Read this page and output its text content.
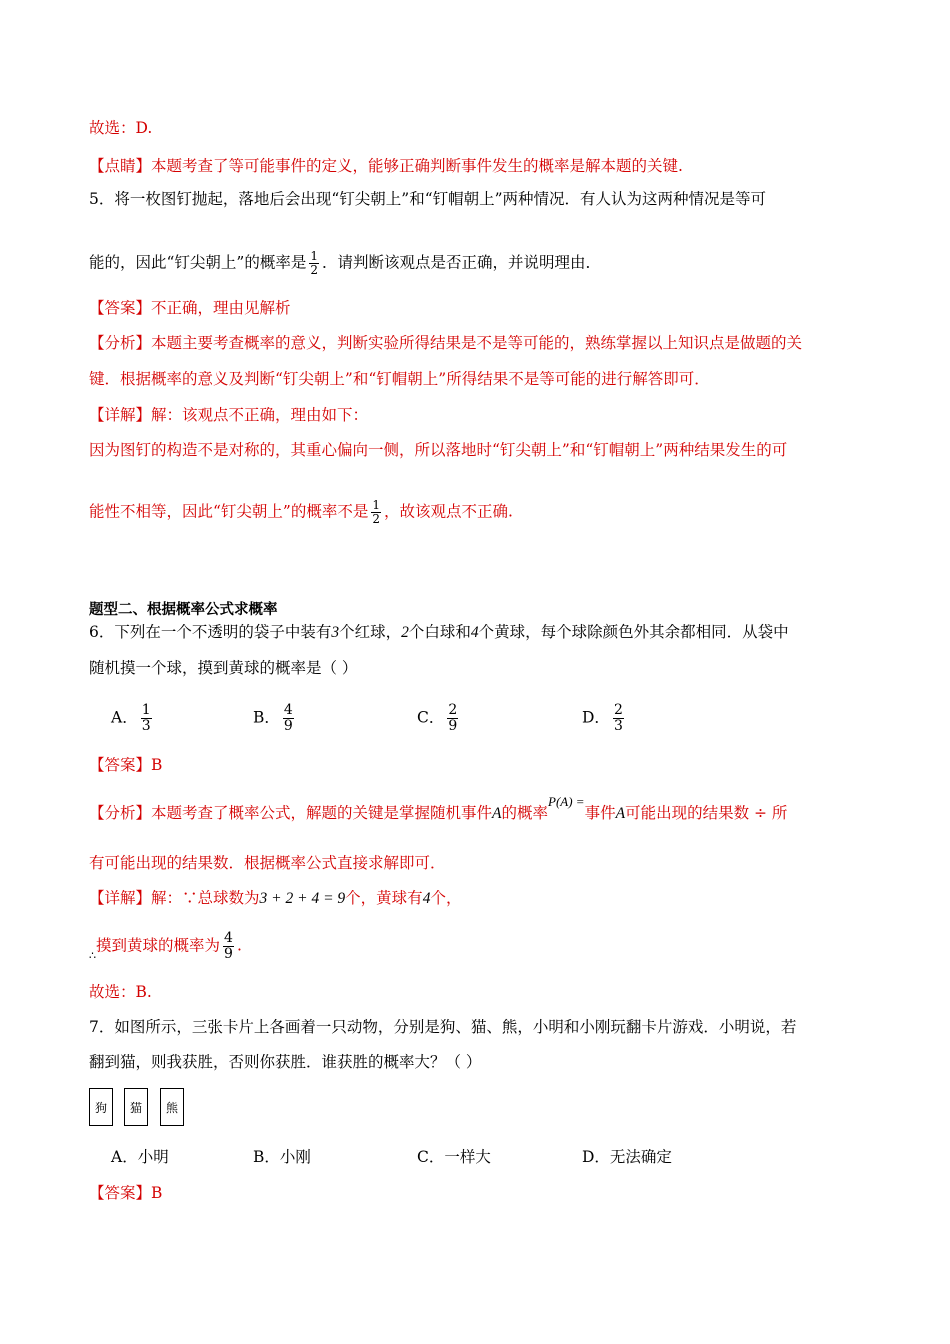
故选：D.
【点睛】本题考查了等可能事件的定义，能够正确判断事件发生的概率是解本题的关键.
5．将一枚图钉抛起，落地后会出现“钉尖朝上”和“钉帽朝上”两种情况．有人认为这两种情况是等可
能的，因此“钉尖朝上”的概率是 $\frac{1}{2}$ ．请判断该观点是否正确，并说明理由．
【答案】不正确，理由见解析
【分析】本题主要考查概率的意义，判断实验所得结果是不是等可能的，熟练掌握以上知识点是做题的关
键．根据概率的意义及判断“钉尖朝上”和“钉帽朝上”所得结果不是等可能的进行解答即可．
【详解】解：该观点不正确，理由如下：
因为图钉的构造不是对称的，其重心偏向一侧，所以落地时“钉尖朝上”和“钉帽朝上”两种结果发生的可
能性不相等，因此“钉尖朝上”的概率不是 $\frac{1}{2}$ ，故该观点不正确.
题型二、根据概率公式求概率
6．下列在一个不透明的袋子中装有3个红球，2个白球和4个黄球，每个球除颜色外其余都相同．从袋中
随机摸一个球，摸到黄球的概率是（ ）
A． $\frac{1}{3}$	B． $\frac{4}{9}$	C． $\frac{2}{9}$	D． $\frac{2}{3}$
【答案】B
【分析】本题考查了概率公式，解题的关键是掌握随机事件A的概率$^{P(A) =}$事件A可能出现的结果数 ÷ 所
有可能出现的结果数．根据概率公式直接求解即可．
【详解】解：∵总球数为3 + 2 + 4 = 9个，黄球有4个，
$_\therefore$摸到黄球的概率为 $\frac{4}{9}$ .
故选：B.
7．如图所示，三张卡片上各画着一只动物，分别是狗、猫、熊，小明和小刚玩翻卡片游戏．小明说，若
翻到猫，则我获胜，否则你获胜．谁获胜的概率大？（ ）
狗 猫 熊
A．小明	B．小刚	C．一样大	D．无法确定
【答案】B
